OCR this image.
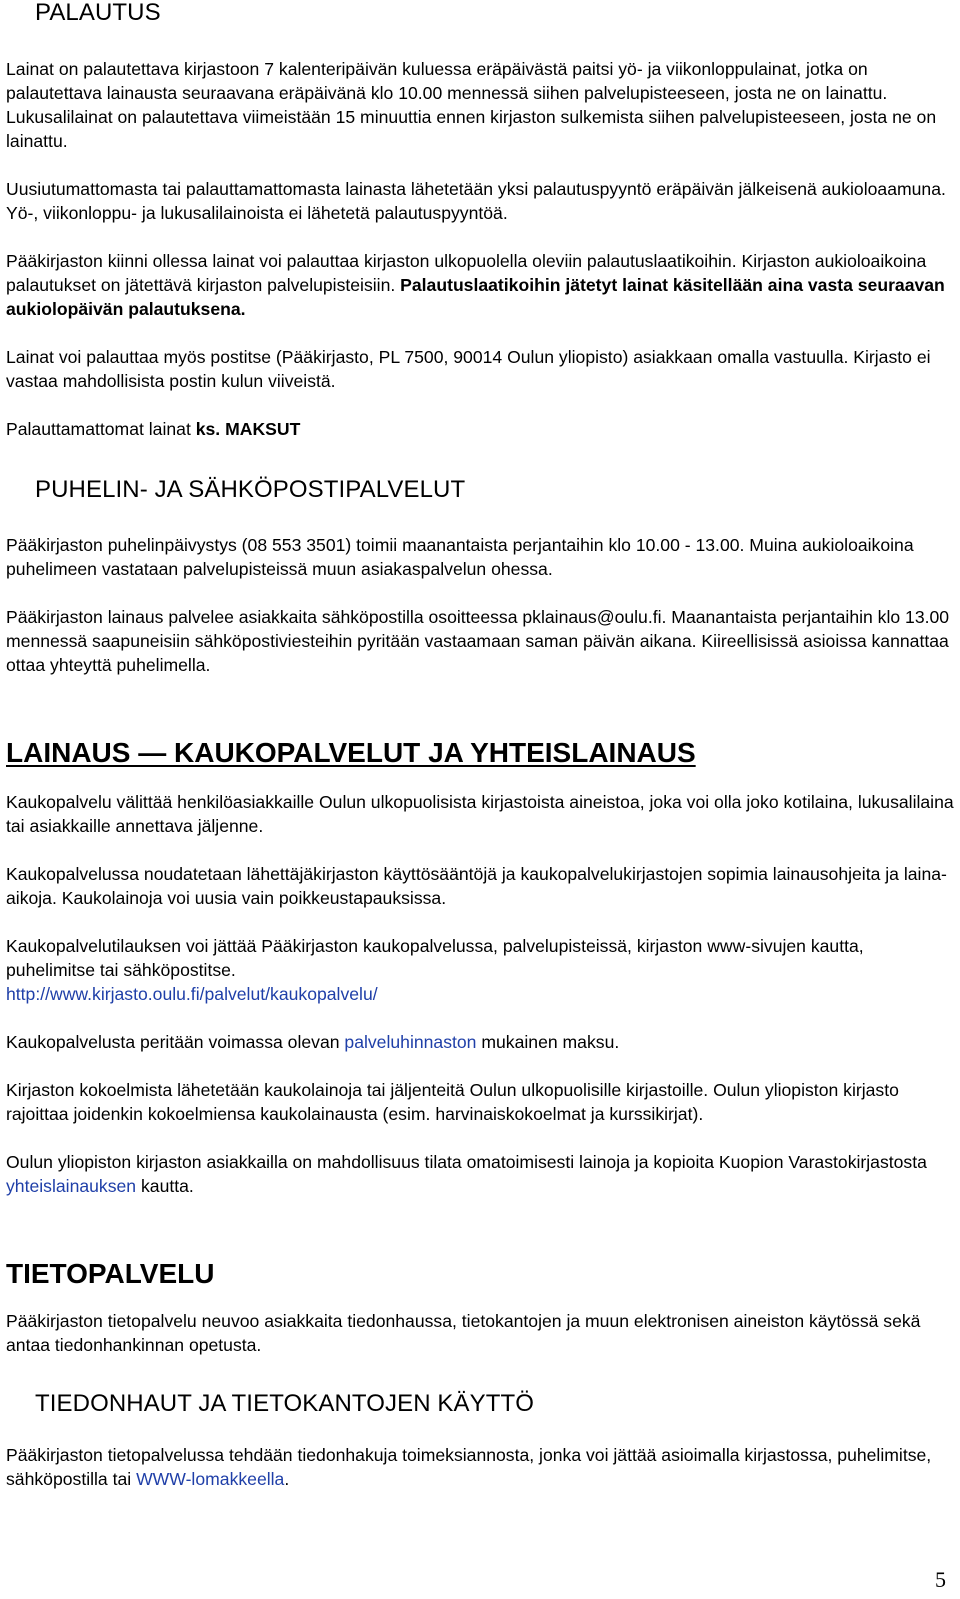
PALAUTUS

Lainat on palautettava kirjastoon 7 kalenteripäivän kuluessa eräpäivästä paitsi yö- ja viikonloppulainat, jotka on palautettava lainausta seuraavana eräpäivänä klo 10.00 mennessä siihen palvelupisteeseen, josta ne on lainattu. Lukusalilainat on palautettava viimeistään 15 minuuttia ennen kirjaston sulkemista siihen palvelupisteeseen, josta ne on lainattu.

Uusiutumattomasta tai palauttamattomasta lainasta lähetetään yksi palautuspyyntö eräpäivän jälkeisenä aukioloaamuna. Yö-, viikonloppu- ja lukusalilainoista ei lähetetä palautuspyyntöä.

Pääkirjaston kiinni ollessa lainat voi palauttaa kirjaston ulkopuolella oleviin palautuslaatikoihin. Kirjaston aukioloaikoina palautukset on jätettävä kirjaston palvelupisteisiin. Palautuslaatikoihin jätetyt lainat käsitellään aina vasta seuraavan aukiolopäivän palautuksena.

Lainat voi palauttaa myös postitse (Pääkirjasto, PL 7500, 90014 Oulun yliopisto) asiakkaan omalla vastuulla. Kirjasto ei vastaa mahdollisista postin kulun viiveistä.

Palauttamattomat lainat ks. MAKSUT

PUHELIN- JA SÄHKÖPOSTIPALVELUT

Pääkirjaston puhelinpäivystys (08 553 3501) toimii maanantaista perjantaihin klo 10.00 - 13.00. Muina aukioloaikoina puhelimeen vastataan palvelupisteissä muun asiakaspalvelun ohessa.

Pääkirjaston lainaus palvelee asiakkaita sähköpostilla osoitteessa pklainaus@oulu.fi. Maanantaista perjantaihin klo 13.00 mennessä saapuneisiin sähköpostiviesteihin pyritään vastaamaan saman päivän aikana. Kiireellisissä asioissa kannattaa ottaa yhteyttä puhelimella.

LAINAUS — KAUKOPALVELUT JA YHTEISLAINAUS

Kaukopalvelu välittää henkilöasiakkaille Oulun ulkopuolisista kirjastoista aineistoa, joka voi olla joko kotilaina, lukusalilaina tai asiakkaille annettava jäljenne.

Kaukopalvelussa noudatetaan lähettäjäkirjaston käyttösääntöjä ja kaukopalvelukirjastojen sopimia lainausohjeita ja laina-aikoja. Kaukolainoja voi uusia vain poikkeustapauksissa.

Kaukopalvelutilauksen voi jättää Pääkirjaston kaukopalvelussa, palvelupisteissä, kirjaston www-sivujen kautta, puhelimitse tai sähköpostitse.
http://www.kirjasto.oulu.fi/palvelut/kaukopalvelu/

Kaukopalvelusta peritään voimassa olevan palveluhinnaston mukainen maksu.

Kirjaston kokoelmista lähetetään kaukolainoja tai jäljenteitä Oulun ulkopuolisille kirjastoille. Oulun yliopiston kirjasto rajoittaa joidenkin kokoelmiensa kaukolainausta (esim. harvinaiskokoelmat ja kurssikirjat).

Oulun yliopiston kirjaston asiakkailla on mahdollisuus tilata omatoimisesti lainoja ja kopioita Kuopion Varastokirjastosta yhteislainauksen kautta.

TIETOPALVELU

Pääkirjaston tietopalvelu neuvoo asiakkaita tiedonhaussa, tietokantojen ja muun elektronisen aineiston käytössä sekä antaa tiedonhankinnan opetusta.

TIEDONHAUT JA TIETOKANTOJEN KÄYTTÖ

Pääkirjaston tietopalvelussa tehdään tiedonhakuja toimeksiannosta, jonka voi jättää asioimalla kirjastossa, puhelimitse, sähköpostilla tai WWW-lomakkeella.

5
